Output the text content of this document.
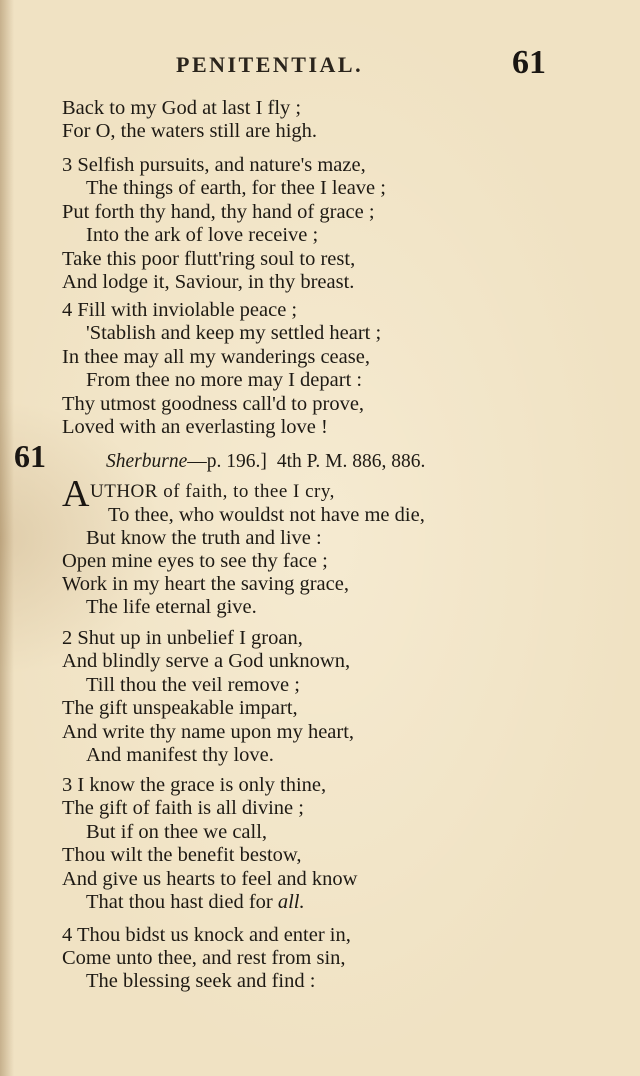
PENITENTIAL.	61
Back to my God at last I fly ;
For O, the waters still are high.
3 Selfish pursuits, and nature's maze,
The things of earth, for thee I leave ;
Put forth thy hand, thy hand of grace ;
Into the ark of love receive ;
Take this poor flutt'ring soul to rest,
And lodge it, Saviour, in thy breast.
4 Fill with inviolable peace ;
'Stablish and keep my settled heart ;
In thee may all my wanderings cease,
From thee no more may I depart :
Thy utmost goodness call'd to prove,
Loved with an everlasting love !
61	Sherburne—p. 196.] 4th P. M. 886, 886.
A UTHOR of faith, to thee I cry,
To thee, who wouldst not have me die,
But know the truth and live :
Open mine eyes to see thy face ;
Work in my heart the saving grace,
The life eternal give.
2 Shut up in unbelief I groan,
And blindly serve a God unknown,
Till thou the veil remove ;
The gift unspeakable impart,
And write thy name upon my heart,
And manifest thy love.
3 I know the grace is only thine,
The gift of faith is all divine ;
But if on thee we call,
Thou wilt the benefit bestow,
And give us hearts to feel and know
That thou hast died for all.
4 Thou bidst us knock and enter in,
Come unto thee, and rest from sin,
The blessing seek and find :
